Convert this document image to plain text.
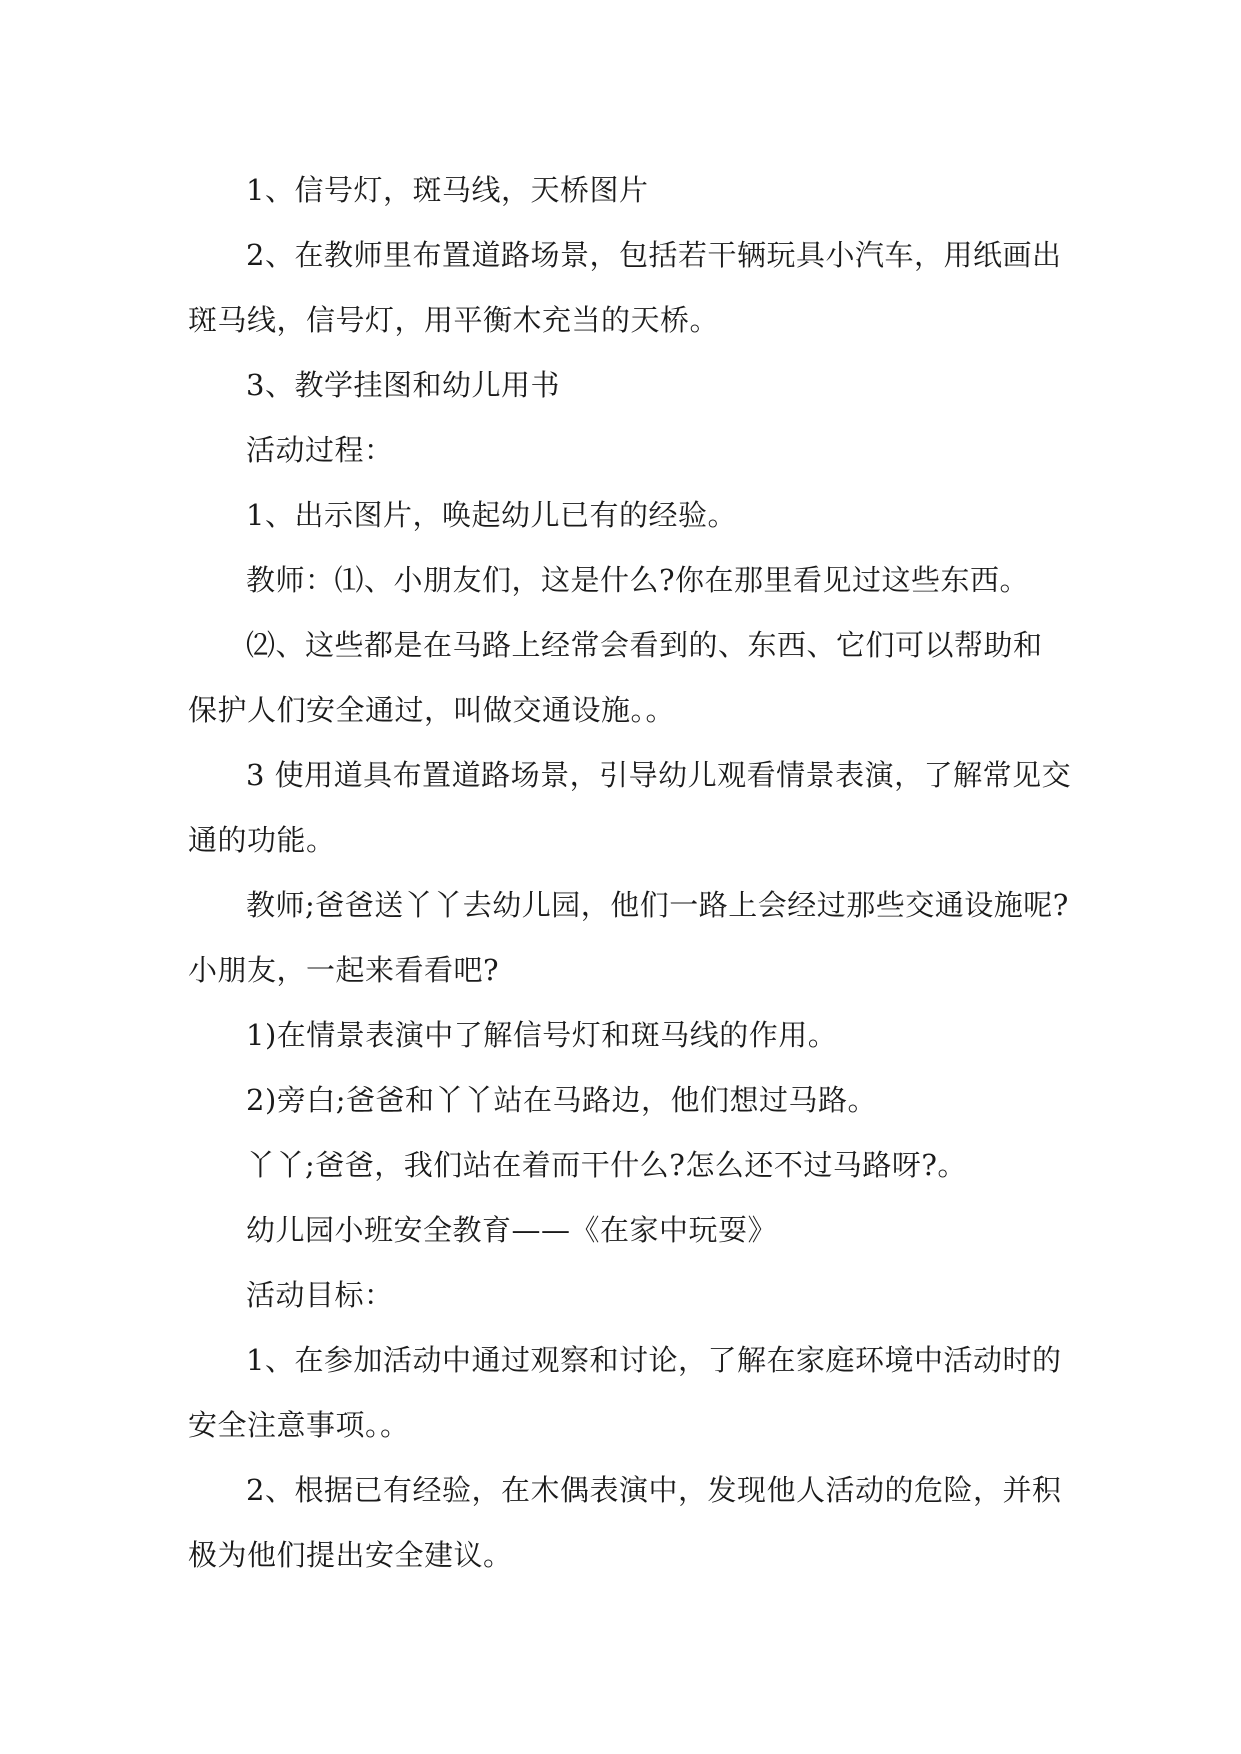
1、信号灯，斑马线，天桥图片

2、在教师里布置道路场景，包括若干辆玩具小汽车，用纸画出

斑马线，信号灯，用平衡木充当的天桥。

3、教学挂图和幼儿用书

活动过程：

1、出示图片，唤起幼儿已有的经验。

教师：⑴、小朋友们，这是什么?你在那里看见过这些东西。

⑵、这些都是在马路上经常会看到的、东西、它们可以帮助和

保护人们安全通过，叫做交通设施。。

3 使用道具布置道路场景，引导幼儿观看情景表演，了解常见交

通的功能。

教师;爸爸送丫丫去幼儿园，他们一路上会经过那些交通设施呢?

小朋友，一起来看看吧?

1)在情景表演中了解信号灯和斑马线的作用。

2)旁白;爸爸和丫丫站在马路边，他们想过马路。

丫丫;爸爸，我们站在着而干什么?怎么还不过马路呀?。

幼儿园小班安全教育——《在家中玩耍》

活动目标：

1、在参加活动中通过观察和讨论，了解在家庭环境中活动时的

安全注意事项。。

2、根据已有经验，在木偶表演中，发现他人活动的危险，并积

极为他们提出安全建议。
